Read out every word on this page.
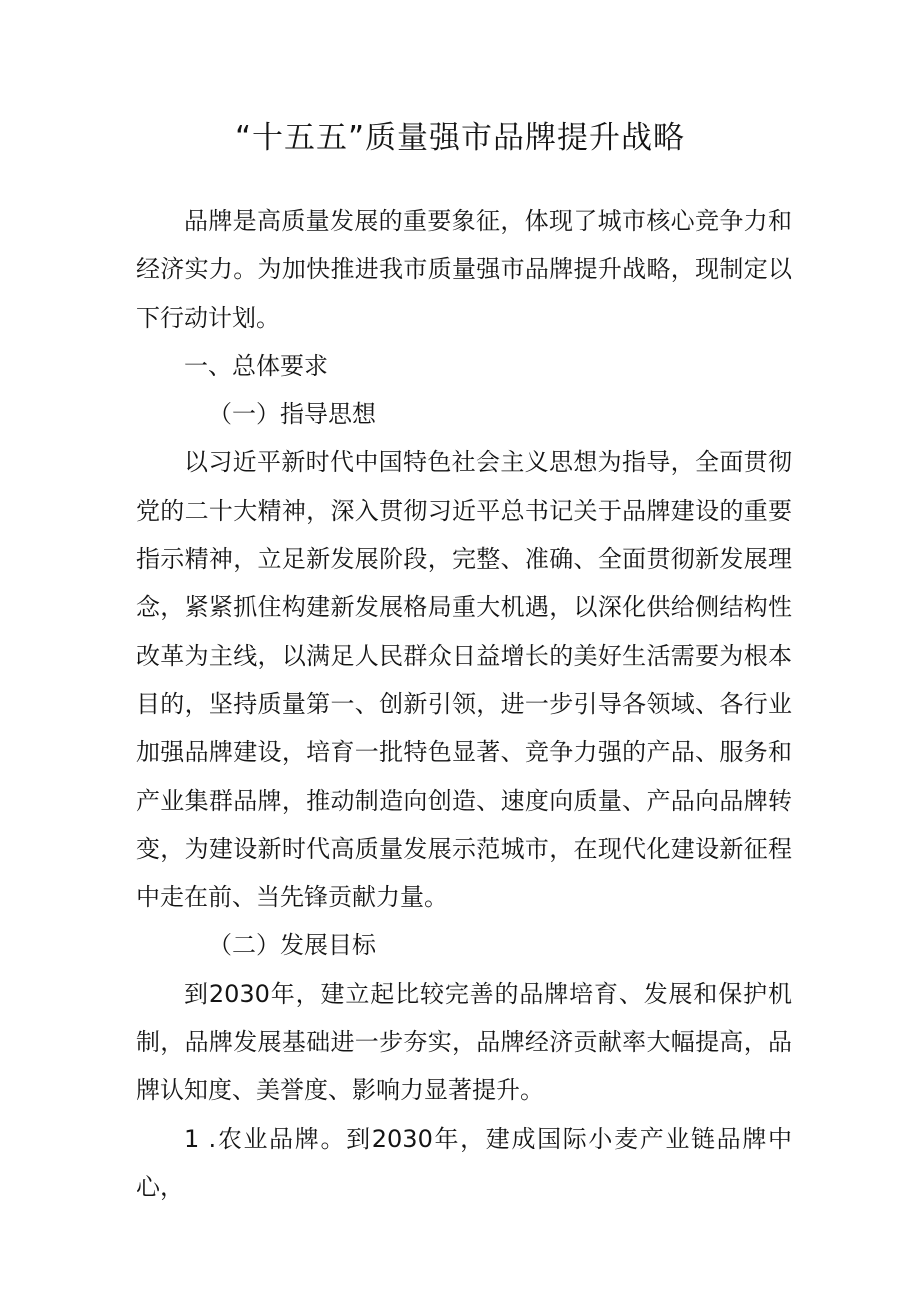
“十五五”质量强市品牌提升战略

品牌是高质量发展的重要象征，体现了城市核心竞争力和经济实力。为加快推进我市质量强市品牌提升战略，现制定以下行动计划。

一、总体要求

（一）指导思想

以习近平新时代中国特色社会主义思想为指导，全面贯彻党的二十大精神，深入贯彻习近平总书记关于品牌建设的重要指示精神，立足新发展阶段，完整、准确、全面贯彻新发展理念，紧紧抓住构建新发展格局重大机遇，以深化供给侧结构性改革为主线，以满足人民群众日益增长的美好生活需要为根本目的，坚持质量第一、创新引领，进一步引导各领域、各行业加强品牌建设，培育一批特色显著、竞争力强的产品、服务和产业集群品牌，推动制造向创造、速度向质量、产品向品牌转变，为建设新时代高质量发展示范城市，在现代化建设新征程中走在前、当先锋贡献力量。

（二）发展目标

到2030年，建立起比较完善的品牌培育、发展和保护机制，品牌发展基础进一步夯实，品牌经济贡献率大幅提高，品牌认知度、美誉度、影响力显著提升。

1 .农业品牌。到2030年，建成国际小麦产业链品牌中心，
